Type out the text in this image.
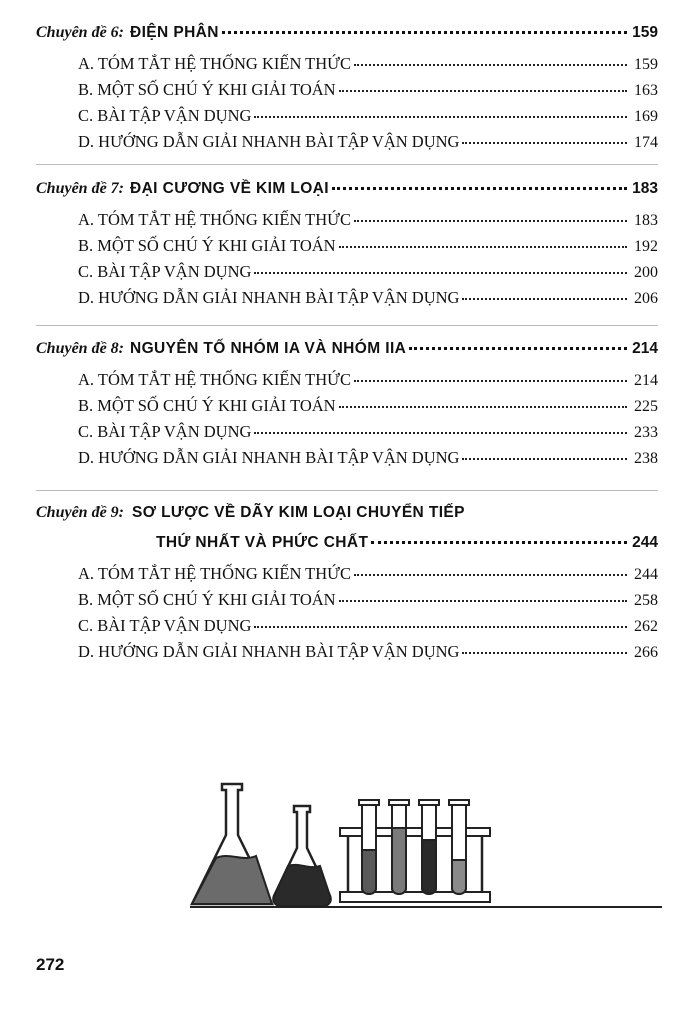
Chuyên đề 6: ĐIỆN PHÂN	159
A. TÓM TẮT HỆ THỐNG KIẾN THỨC	159
B. MỘT SỐ CHÚ Ý KHI GIẢI TOÁN	163
C. BÀI TẬP VẬN DỤNG	169
D. HƯỚNG DẪN GIẢI NHANH BÀI TẬP VẬN DỤNG	174
Chuyên đề 7: ĐẠI CƯƠNG VỀ KIM LOẠI	183
A. TÓM TẮT HỆ THỐNG KIẾN THỨC	183
B. MỘT SỐ CHÚ Ý KHI GIẢI TOÁN	192
C. BÀI TẬP VẬN DỤNG	200
D. HƯỚNG DẪN GIẢI NHANH BÀI TẬP VẬN DỤNG	206
Chuyên đề 8: NGUYÊN TỐ NHÓM IA VÀ NHÓM IIA	214
A. TÓM TẮT HỆ THỐNG KIẾN THỨC	214
B. MỘT SỐ CHÚ Ý KHI GIẢI TOÁN	225
C. BÀI TẬP VẬN DỤNG	233
D. HƯỚNG DẪN GIẢI NHANH BÀI TẬP VẬN DỤNG	238
Chuyên đề 9: SƠ LƯỢC VỀ DÃY KIM LOẠI CHUYỂN TIẾP
THỨ NHẤT VÀ PHỨC CHẤT	244
A. TÓM TẮT HỆ THỐNG KIẾN THỨC	244
B. MỘT SỐ CHÚ Ý KHI GIẢI TOÁN	258
C. BÀI TẬP VẬN DỤNG	262
D. HƯỚNG DẪN GIẢI NHANH BÀI TẬP VẬN DỤNG	266
272
